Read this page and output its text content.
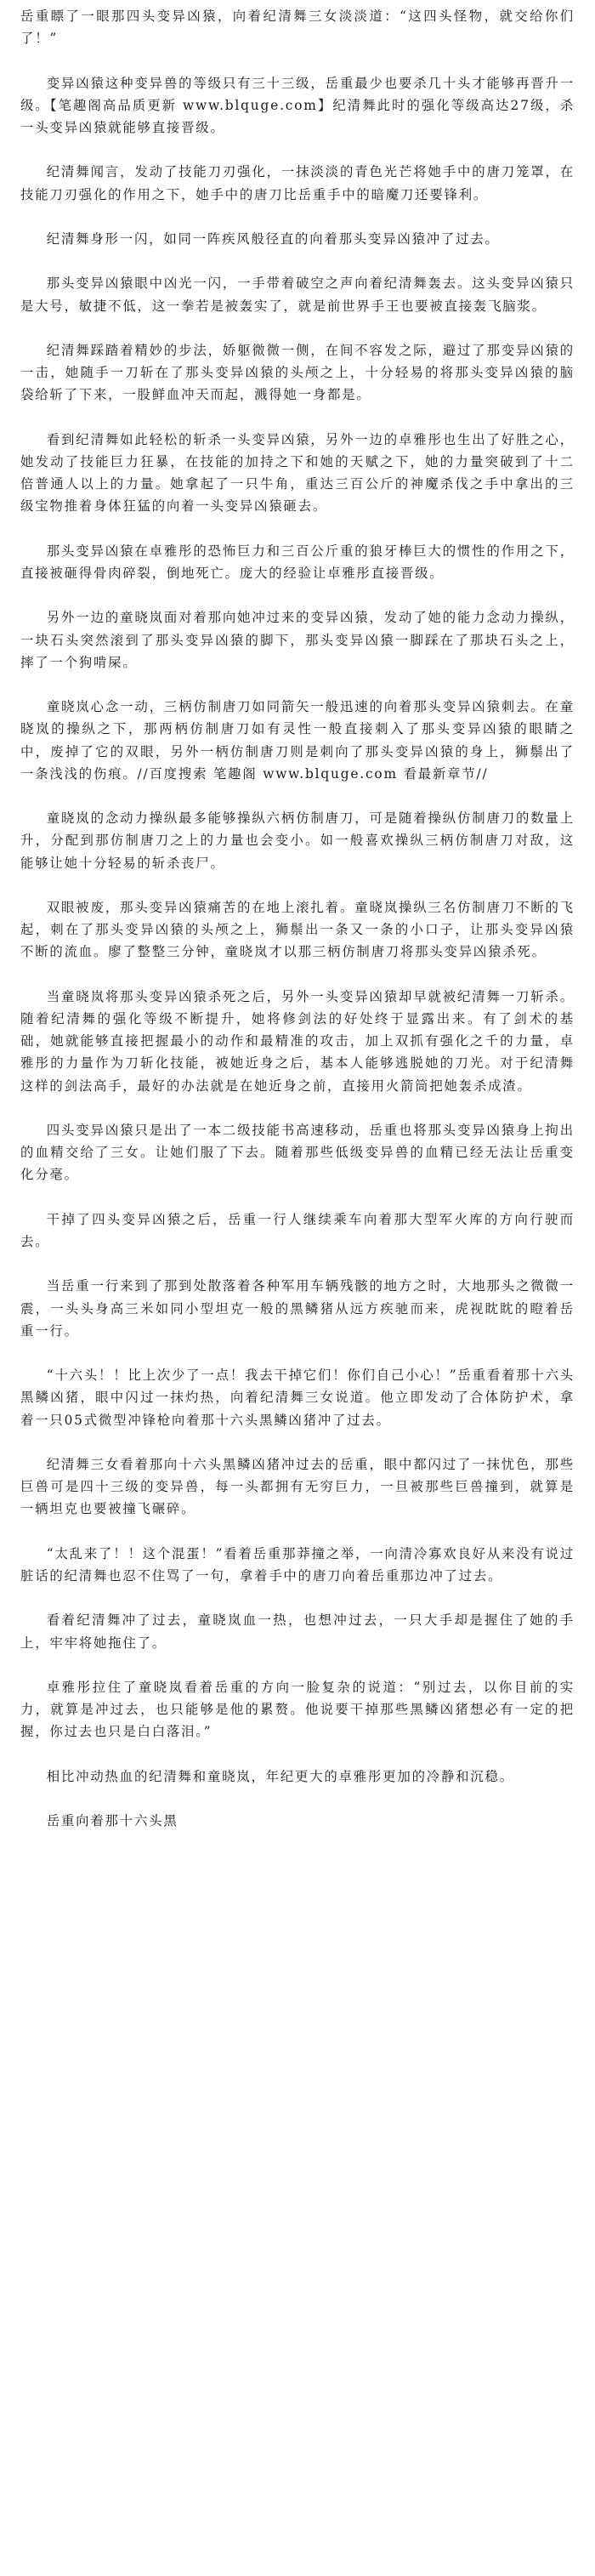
岳重瞟了一眼那四头变异凶猿，向着纪清舞三女淡淡道：“这四头怪物，就交给你们了！”

变异凶猿这种变异兽的等级只有三十三级，岳重最少也要杀几十头才能够再晋升一级。【笔趣阁高品质更新 www.blquge.com】纪清舞此时的强化等级高达27级，杀一头变异凶猿就能够直接晋级。

纪清舞闻言，发动了技能刀刃强化，一抹淡淡的青色光芒将她手中的唐刀笼罩，在技能刀刃强化的作用之下，她手中的唐刀比岳重手中的暗魔刀还要锋利。

纪清舞身形一闪，如同一阵疾风般径直的向着那头变异凶猿冲了过去。

那头变异凶猿眼中凶光一闪，一手带着破空之声向着纪清舞轰去。这头变异凶猿只是大号，敏捷不低，这一拳若是被轰实了，就是前世界手王也要被直接轰飞脑浆。

纪清舞踩踏着精妙的步法，娇躯微微一侧，在间不容发之际，避过了那变异凶猿的一击，她随手一刀斩在了那头变异凶猿的头颅之上，十分轻易的将那头变异凶猿的脑袋给斩了下来，一股鲜血冲天而起，溅得她一身都是。

看到纪清舞如此轻松的斩杀一头变异凶猿，另外一边的卓雅彤也生出了好胜之心，她发动了技能巨力狂暴，在技能的加持之下和她的天赋之下，她的力量突破到了十二倍普通人以上的力量。她拿起了一只牛角，重达三百公斤的神魔杀伐之手中拿出的三级宝物推着身体狂猛的向着一头变异凶猿砸去。

那头变异凶猿在卓雅彤的恐怖巨力和三百公斤重的狼牙棒巨大的惯性的作用之下，直接被砸得骨肉碎裂，倒地死亡。庞大的经验让卓雅彤直接晋级。

另外一边的童晓岚面对着那向她冲过来的变异凶猿，发动了她的能力念动力操纵，一块石头突然滚到了那头变异凶猿的脚下，那头变异凶猿一脚踩在了那块石头之上，摔了一个狗啃屎。

童晓岚心念一动，三柄仿制唐刀如同箭矢一般迅速的向着那头变异凶猿刺去。在童晓岚的操纵之下，那两柄仿制唐刀如有灵性一般直接刺入了那头变异凶猿的眼睛之中，废掉了它的双眼，另外一柄仿制唐刀则是刺向了那头变异凶猿的身上，狮鬃出了一条浅浅的伤痕。//百度搜索 笔趣阁 www.blquge.com 看最新章节//

童晓岚的念动力操纵最多能够操纵六柄仿制唐刀，可是随着操纵仿制唐刀的数量上升，分配到那仿制唐刀之上的力量也会变小。如一般喜欢操纵三柄仿制唐刀对敌，这能够让她十分轻易的斩杀丧尸。

双眼被废，那头变异凶猿痛苦的在地上滚扎着。童晓岚操纵三名仿制唐刀不断的飞起，刺在了那头变异凶猿的头颅之上，狮鬃出一条又一条的小口子，让那头变异凶猿不断的流血。廖了整整三分钟，童晓岚才以那三柄仿制唐刀将那头变异凶猿杀死。

当童晓岚将那头变异凶猿杀死之后，另外一头变异凶猿却早就被纪清舞一刀斩杀。随着纪清舞的强化等级不断提升，她将修剑法的好处终于显露出来。有了剑术的基础，她就能够直接把握最小的动作和最精准的攻击，加上双抓有强化之千的力量，卓雅彤的力量作为刀斩化技能，被她近身之后，基本人能够逃脱她的刀光。对于纪清舞这样的剑法高手，最好的办法就是在她近身之前，直接用火箭筒把她轰杀成渣。

四头变异凶猿只是出了一本二级技能书高速移动，岳重也将那头变异凶猿身上拘出的血精交给了三女。让她们服了下去。随着那些低级变异兽的血精已经无法让岳重变化分毫。

干掉了四头变异凶猿之后，岳重一行人继续乘车向着那大型军火库的方向行驶而去。

当岳重一行来到了那到处散落着各种军用车辆残骸的地方之时，大地那头之微微一震，一头头身高三米如同小型坦克一般的黑鳞猪从远方疾驰而来，虎视眈眈的瞪着岳重一行。

“十六头！！比上次少了一点！我去干掉它们！你们自己小心！”岳重看着那十六头黑鳞凶猪，眼中闪过一抹灼热，向着纪清舞三女说道。他立即发动了合体防护术，拿着一只05式微型冲锋枪向着那十六头黑鳞凶猪冲了过去。

纪清舞三女看着那向十六头黑鳞凶猪冲过去的岳重，眼中都闪过了一抹忧色，那些巨兽可是四十三级的变异兽，每一头都拥有无穷巨力，一旦被那些巨兽撞到，就算是一辆坦克也要被撞飞碾碎。

“太乱来了！！这个混蛋！”看着岳重那莽撞之举，一向清冷寡欢良好从来没有说过脏话的纪清舞也忍不住骂了一句，拿着手中的唐刀向着岳重那边冲了过去。

看着纪清舞冲了过去，童晓岚血一热，也想冲过去，一只大手却是握住了她的手上，牢牢将她拖住了。

卓雅彤拉住了童晓岚看着岳重的方向一脸复杂的说道：“别过去，以你目前的实力，就算是冲过去，也只能够是他的累赘。他说要干掉那些黑鳞凶猪想必有一定的把握，你过去也只是白白落泪。”

相比冲动热血的纪清舞和童晓岚，年纪更大的卓雅彤更加的冷静和沉稳。

岳重向着那十六头黑
